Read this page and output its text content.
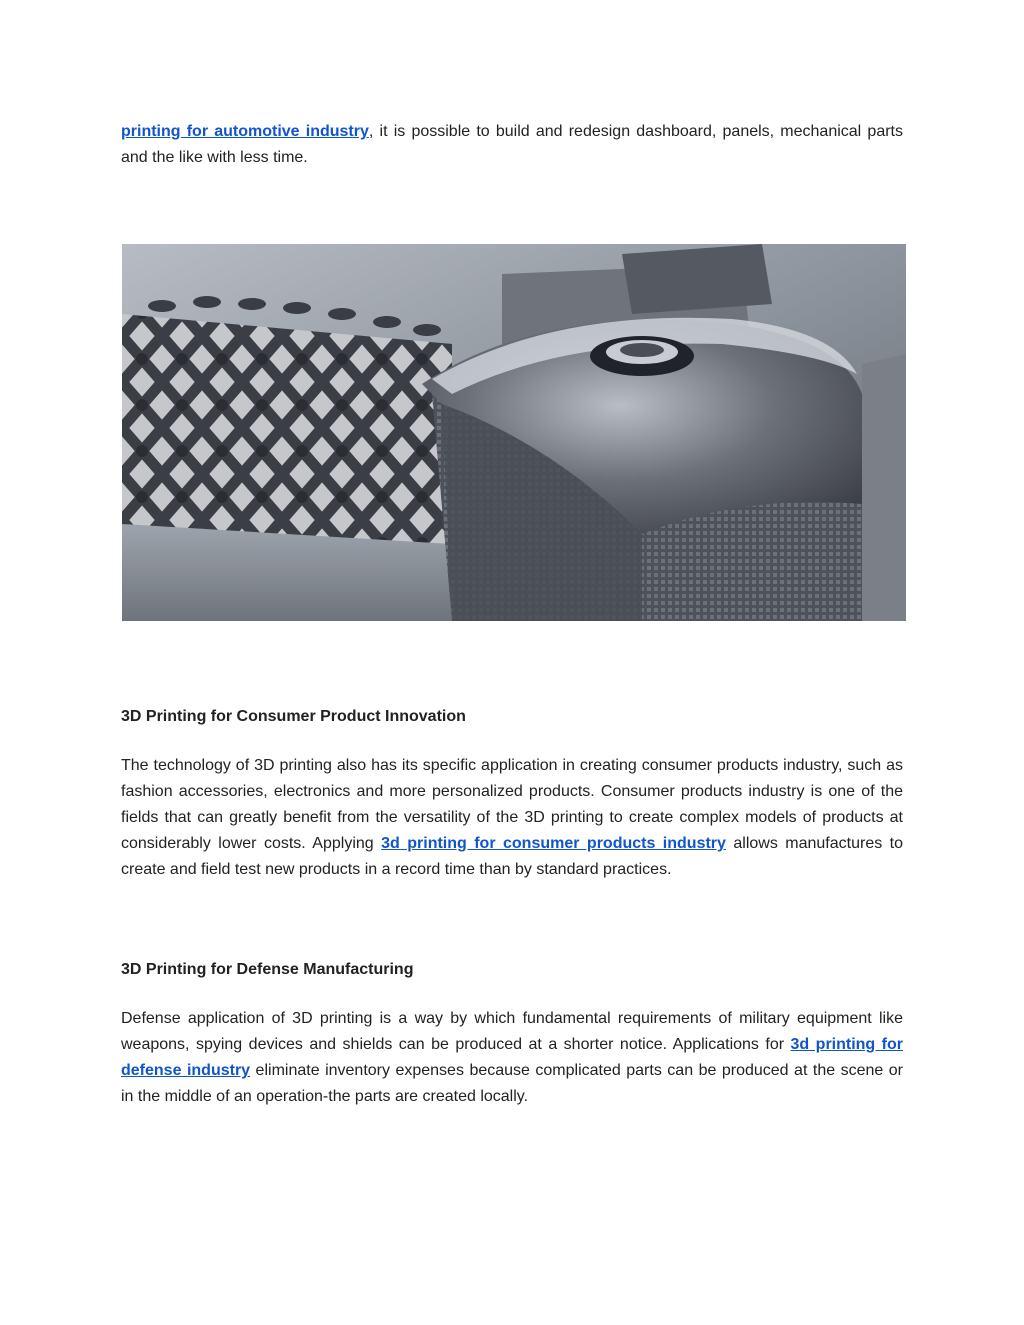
printing for automotive industry, it is possible to build and redesign dashboard, panels, mechanical parts and the like with less time.

3D Printing for Consumer Product Innovation

The technology of 3D printing also has its specific application in creating consumer products industry, such as fashion accessories, electronics and more personalized products. Consumer products industry is one of the fields that can greatly benefit from the versatility of the 3D printing to create complex models of products at considerably lower costs. Applying 3d printing for consumer products industry allows manufactures to create and field test new products in a record time than by standard practices.

3D Printing for Defense Manufacturing

Defense application of 3D printing is a way by which fundamental requirements of military equipment like weapons, spying devices and shields can be produced at a shorter notice. Applications for 3d printing for defense industry eliminate inventory expenses because complicated parts can be produced at the scene or in the middle of an operation-the parts are created locally.
